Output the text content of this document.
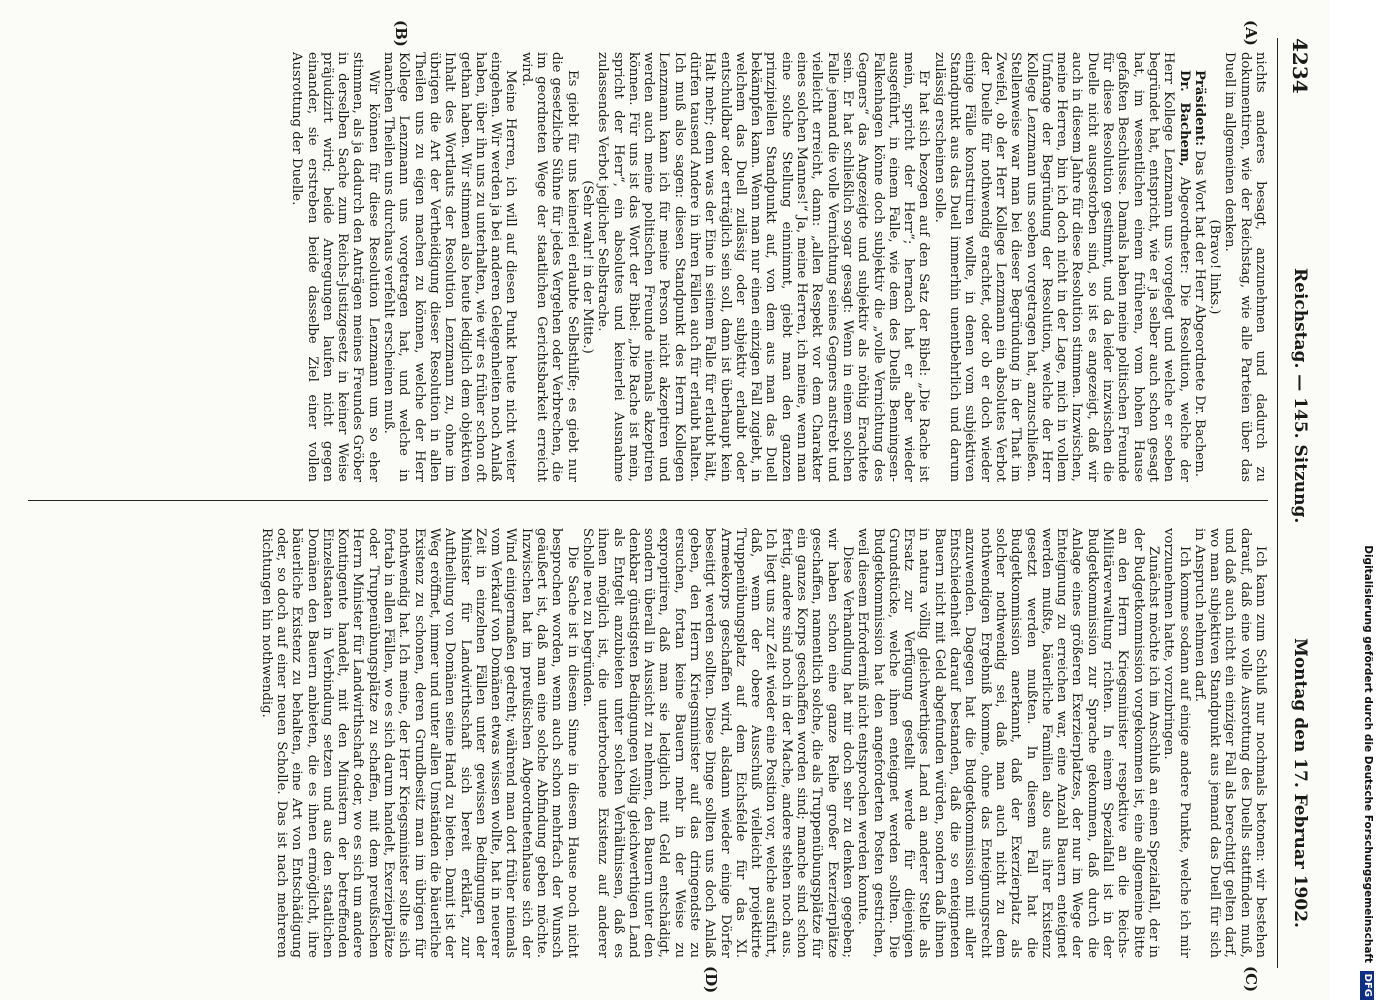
4234
Reichstag. — 145. Sitzung.
Montag den 17. Februar 1902.
(A)
(B)
(C)
(D)

nichts anderes besagt, anzunehmen und dadurch zu dokumentiren, wie der Reichstag, wie alle Parteien über das Duell im allgemeinen denken.

(Bravo! links.)

Präsident: Das Wort hat der Herr Abgeordnete Dr. Bachem.

Dr. Bachem, Abgeordneter: Die Resolution, welche der Herr Kollege Lenzmann uns vorgelegt und welche er soeben begründet hat, entspricht, wie er ja selber auch schon gesagt hat, im wesentlichen einem früheren, vom hohen Hause gefaßten Beschlusse. Damals haben meine politischen Freunde für diese Resolution gestimmt, und da leider inzwischen die Duelle nicht ausgestorben sind, so ist es angezeigt, daß wir auch in diesem Jahre für diese Resolution stimmen. Inzwischen, meine Herren, bin ich doch nicht in der Lage, mich in vollem Umfange der Begründung der Resolution, welche der Herr Kollege Lenzmann uns soeben vorgetragen hat, anzuschließen. Stellenweise war man bei dieser Begründung in der That im Zweifel, ob der Herr Kollege Lenzmann ein absolutes Verbot der Duelle für nothwendig erachtet, oder ob er doch wieder einige Fälle konstruiren wollte, in denen vom subjektiven Standpunkt aus das Duell immerhin unentbehrlich und darum zulässig erscheinen solle.

Er hat sich bezogen auf den Satz der Bibel: „Die Rache ist mein, spricht der Herr“; hernach hat er aber wieder ausgeführt, in einem Falle, wie dem des Duells Benningsen-Falkenhagen könne doch subjektiv die „volle Vernichtung des Gegners“ das Angezeigte und subjektiv als nöthig Erachtete sein. Er hat schließlich sogar gesagt: Wenn in einem solchen Falle jemand die volle Vernichtung seines Gegners anstrebt und vielleicht erreicht, dann: „allen Respekt vor dem Charakter eines solchen Mannes!“ Ja, meine Herren, ich meine, wenn man eine solche Stellung einnimmt, giebt man den ganzen prinzipiellen Standpunkt auf, von dem aus man das Duell bekämpfen kann. Wenn man nur einen einzigen Fall zugiebt, in welchem das Duell zulässig oder subjektiv erlaubt oder entschuldbar oder erträglich sein soll, dann ist überhaupt kein Halt mehr; denn was der Eine in seinem Falle für erlaubt hält, dürfen tausend Andere in ihren Fällen auch für erlaubt halten. Ich muß also sagen: diesen Standpunkt des Herrn Kollegen Lenzmann kann ich für meine Person nicht akzeptiren und werden auch meine politischen Freunde niemals akzeptiren können. Für uns ist das Wort der Bibel: „Die Rache ist mein, spricht der Herr“, ein absolutes und keinerlei Ausnahme zulassendes Verbot jeglicher Selbstrache.

(Sehr wahr! in der Mitte.)

Es giebt für uns keinerlei erlaubte Selbsthilfe; es giebt nur die gesetzliche Sühne für jedes Vergehen oder Verbrechen, die im geordneten Wege der staatlichen Gerichtsbarkeit erreicht wird.

Meine Herren, ich will auf diesen Punkt heute nicht weiter eingehen. Wir werden ja bei anderen Gelegenheiten noch Anlaß haben, über ihn uns zu unterhalten, wie wir es früher schon oft gethan haben. Wir stimmen also heute lediglich dem objektiven Inhalt des Wortlauts der Resolution Lenzmann zu, ohne im übrigen die Art der Vertheidigung dieser Resolution in allen Theilen uns zu eigen machen zu können, welche der Herr Kollege Lenzmann uns vorgetragen hat, und welche in manchen Theilen uns durchaus verfehlt erscheinen muß.

Wir können für diese Resolution Lenzmann um so eher stimmen, als ja dadurch den Anträgen meines Freundes Gröber in derselben Sache zum Reichs-Justizgesetz in keiner Weise präjudizirt wird; beide Anregungen laufen nicht gegen einander, sie erstreben beide dasselbe Ziel einer vollen Ausrottung der Duelle.

Ich kann zum Schluß nur nochmals betonen: wir bestehen darauf, daß eine volle Ausrottung des Duells stattfinden muß, und daß auch nicht ein einziger Fall als berechtigt gelten darf, wo man subjektiven Standpunkt aus jemand das Duell für sich in Anspruch nehmen darf.

Ich komme sodann auf einige andere Punkte, welche ich mir vorzunehmen hatte, vorzubringen.

Zunächst möchte ich im Anschluß an einen Spezialfall, der in der Budgetkommission vorgekommen ist, eine allgemeine Bitte an den Herrn Kriegsminister respektive an die Reichs-Militärverwaltung richten. In einem Spezialfall ist in der Budgetkommission zur Sprache gekommen, daß durch die Anlage eines größeren Exerzierplatzes, der nur im Wege der Enteignung zu erreichen war, eine Anzahl Bauern enteignet werden mußte, bäuerliche Familien also aus ihrer Existenz gesetzt werden mußten. In diesem Fall hat die Budgetkommission anerkannt, daß der Exerzierplatz als solcher nothwendig sei, daß man auch nicht zu dem nothwendigen Ergebniß komme, ohne das Enteignungsrecht anzuwenden. Dagegen hat die Budgetkommission mit aller Entschiedenheit darauf bestanden, daß die so enteigneten Bauern nicht mit Geld abgefunden würden, sondern daß ihnen in natura völlig gleichwerthiges Land an anderer Stelle als Ersatz zur Verfügung gestellt werde für diejenigen Grundstücke, welche ihnen enteignet werden sollten. Die Budgetkommission hat den angeforderten Posten gestrichen, weil diesem Erforderniß nicht entsprochen werden konnte.

Diese Verhandlung hat mir doch sehr zu denken gegeben; wir haben schon eine ganze Reihe großer Exerzierplätze geschaffen, namentlich solche, die als Truppenübungsplätze für ein ganzes Korps geschaffen worden sind; manche sind schon fertig, andere sind noch in der Mache, andere stehen noch aus. Ich liegt uns zur Zeit wieder eine Position vor, welche ausführt, daß, wenn der obere Ausschuß vielleicht projektirte Truppenübungsplatz auf dem Eichsfelde für das XI. Armeekorps geschaffen wird, alsdann wieder einige Dörfer beseitigt werden sollten. Diese Dinge sollten uns doch Anlaß geben, den Herrn Kriegsminister auf das dringendste zu ersuchen, fortan keine Bauern mehr in der Weise zu expropriiren, daß man sie lediglich mit Geld entschädigt, sondern überall in Aussicht zu nehmen, den Bauern unter den denkbar günstigsten Bedingungen völlig gleichwerthigen Land als Entgelt anzubieten unter solchen Verhältnissen, daß es ihnen möglich ist, die unterbrochene Existenz auf anderer Scholle neu zu begründen.

Die Sache ist in diesem Sinne in diesem Hause noch nicht besprochen worden, wenn auch schon mehrfach der Wunsch geäußert ist, daß man eine solche Abfindung geben möchte. Inzwischen hat im preußischen Abgeordnetenhause sich der Wind einigermaßen gedreht; während man dort früher niemals vom Verkauf von Domänen etwas wissen wollte, hat in neuerer Zeit in einzelnen Fällen unter gewissen Bedingungen der Minister für Landwirthschaft sich bereit erklärt, zur Auftheilung von Domänen seine Hand zu bieten. Damit ist der Weg eröffnet, immer und unter allen Umständen die bäuerliche Existenz zu schonen, deren Grundbesitz man im übrigen für nothwendig hat. Ich meine, der Herr Kriegsminister sollte sich fortab in allen Fällen, wo es sich darum handelt, Exerzierplätze oder Truppenübungsplätze zu schaffen, mit dem preußischen Herrn Minister für Landwirthschaft oder, wo es sich um andere Kontingente handelt, mit den Ministern der betreffenden Einzelstaaten in Verbindung setzen und aus den staatlichen Domänen den Bauern anbieten, die es ihnen ermöglicht, ihre bäuerliche Existenz zu behalten, eine Art von Entschädigung oder, so doch auf einer neuen Scholle. Das ist nach mehreren Richtungen hin nothwendig.	Digitalisierung gefördert durch die Deutsche Forschungsgemeinschaft DFG
